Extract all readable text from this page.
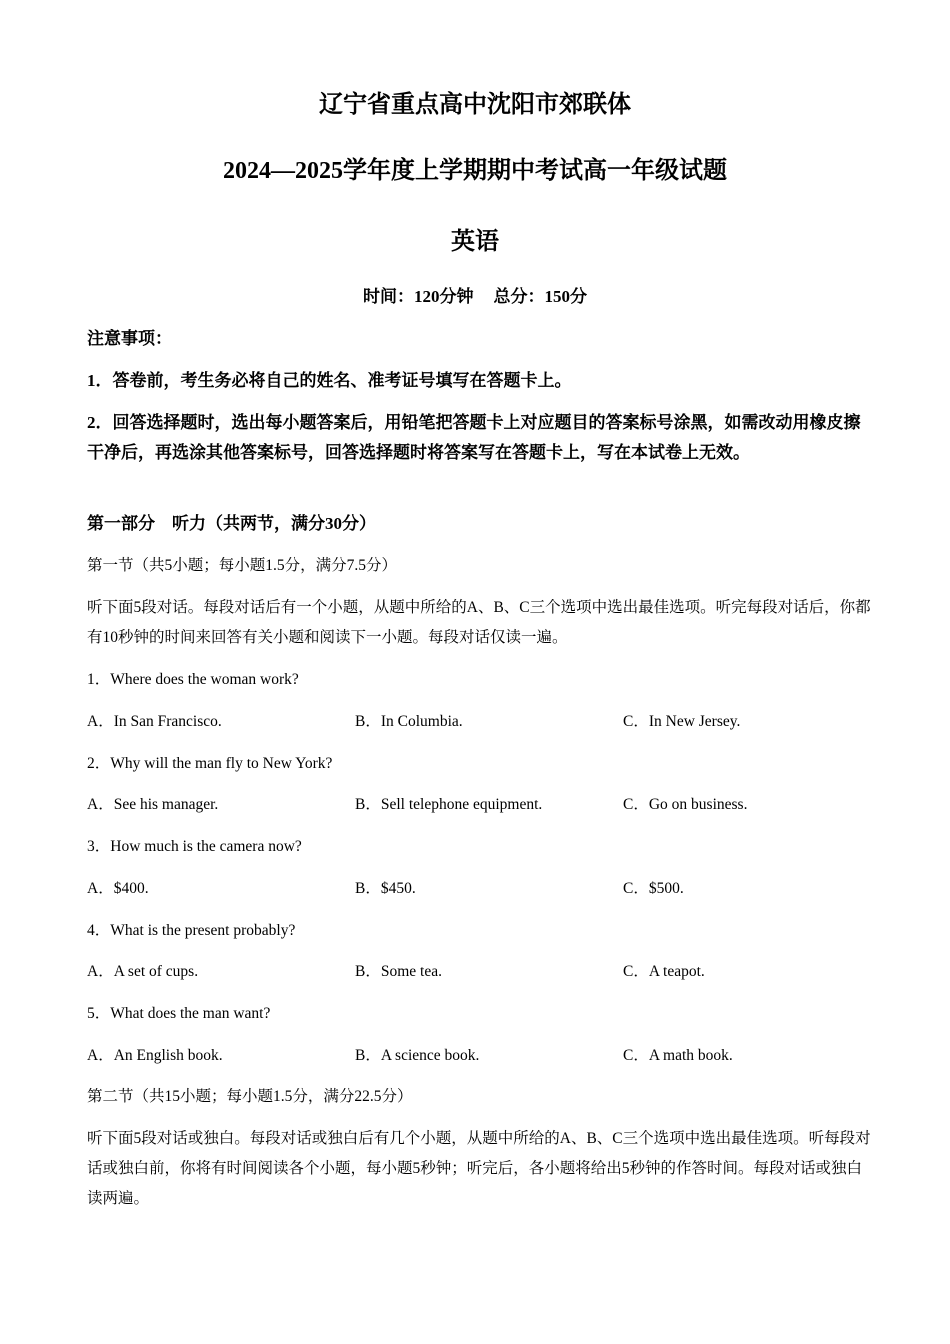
辽宁省重点高中沈阳市郊联体
2024—2025学年度上学期期中考试高一年级试题
英语
时间：120分钟 总分：150分
注意事项：
1．答卷前，考生务必将自己的姓名、准考证号填写在答题卡上。
2．回答选择题时，选出每小题答案后，用铅笔把答题卡上对应题目的答案标号涂黑，如需改动用橡皮擦干净后，再选涂其他答案标号，回答选择题时将答案写在答题卡上，写在本试卷上无效。
第一部分　听力（共两节，满分30分）
第一节（共5小题；每小题1.5分，满分7.5分）
听下面5段对话。每段对话后有一个小题，从题中所给的A、B、C三个选项中选出最佳选项。听完每段对话后，你都有10秒钟的时间来回答有关小题和阅读下一小题。每段对话仅读一遍。
1．Where does the woman work?
A．In San Francisco.	B．In Columbia.	C．In New Jersey.
2．Why will the man fly to New York?
A．See his manager.	B．Sell telephone equipment.	C．Go on business.
3．How much is the camera now?
A．$400.	B．$450.	C．$500.
4．What is the present probably?
A．A set of cups.	B．Some tea.	C．A teapot.
5．What does the man want?
A．An English book.	B．A science book.	C．A math book.
第二节（共15小题；每小题1.5分，满分22.5分）
听下面5段对话或独白。每段对话或独白后有几个小题，从题中所给的A、B、C三个选项中选出最佳选项。听每段对话或独白前，你将有时间阅读各个小题，每小题5秒钟；听完后，各小题将给出5秒钟的作答时间。每段对话或独白读两遍。
